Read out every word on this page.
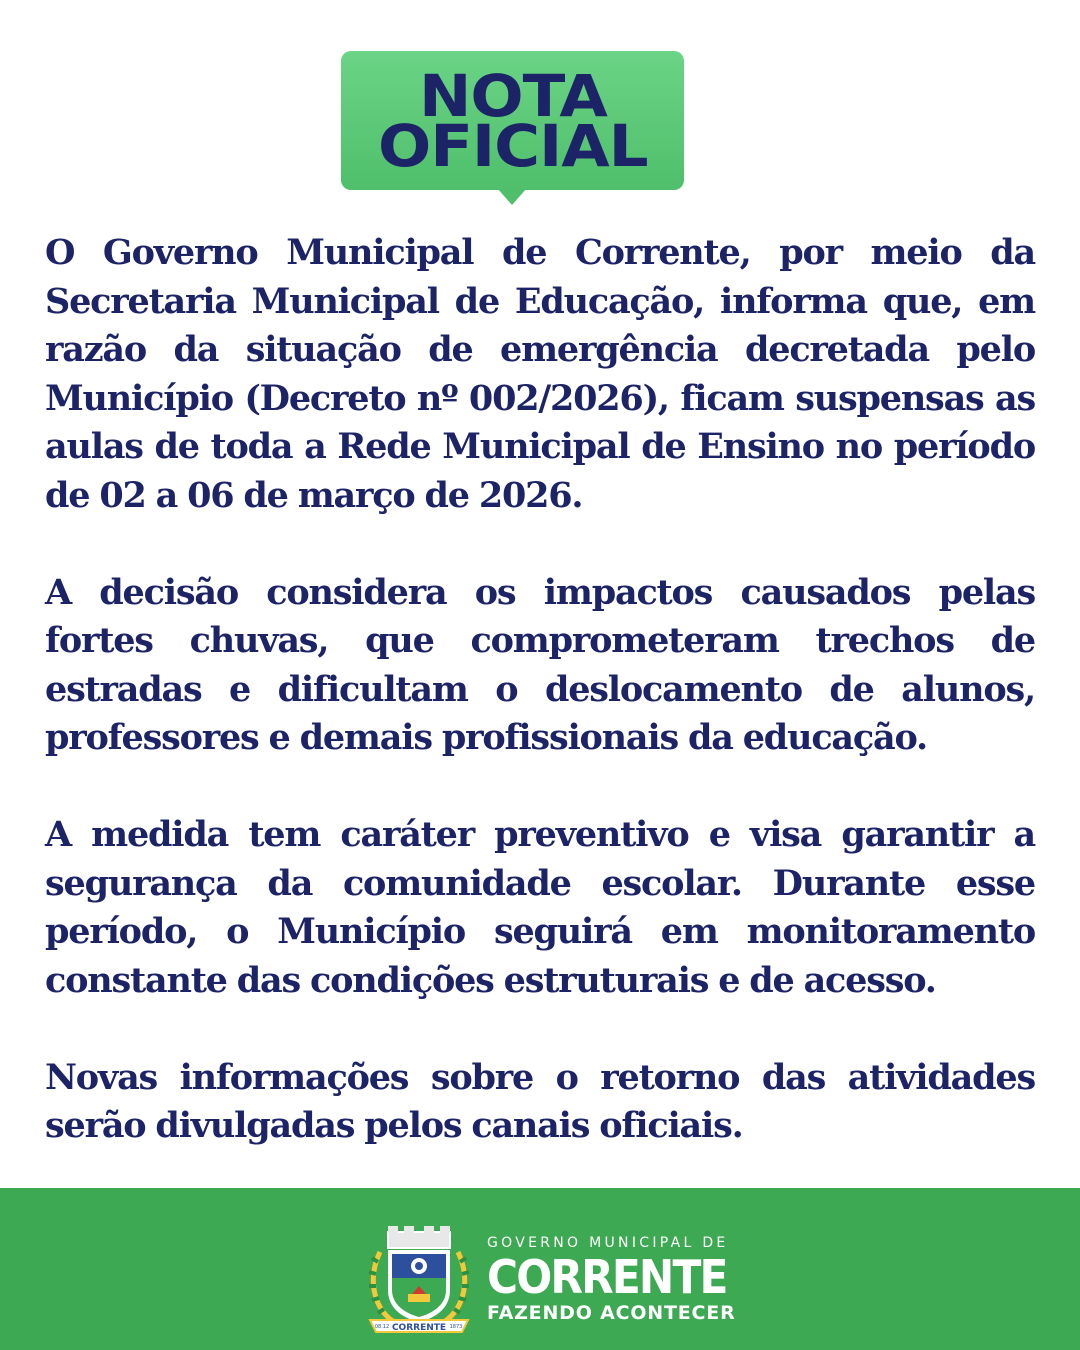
NOTA
OFICIAL

O Governo Municipal de Corrente, por meio da Secretaria Municipal de Educação, informa que, em razão da situação de emergência decretada pelo Município (Decreto nº 002/2026), ficam suspensas as aulas de toda a Rede Municipal de Ensino no período de 02 a 06 de março de 2026.

A decisão considera os impactos causados pelas fortes chuvas, que comprometeram trechos de estradas e dificultam o deslocamento de alunos, professores e demais profissionais da educação.

A medida tem caráter preventivo e visa garantir a segurança da comunidade escolar. Durante esse período, o Município seguirá em monitoramento constante das condições estruturais e de acesso.

Novas informações sobre o retorno das atividades serão divulgadas pelos canais oficiais.

CORRENTE
08.12	1873
GOVERNO MUNICIPAL DE
CORRENTE
FAZENDO ACONTECER
